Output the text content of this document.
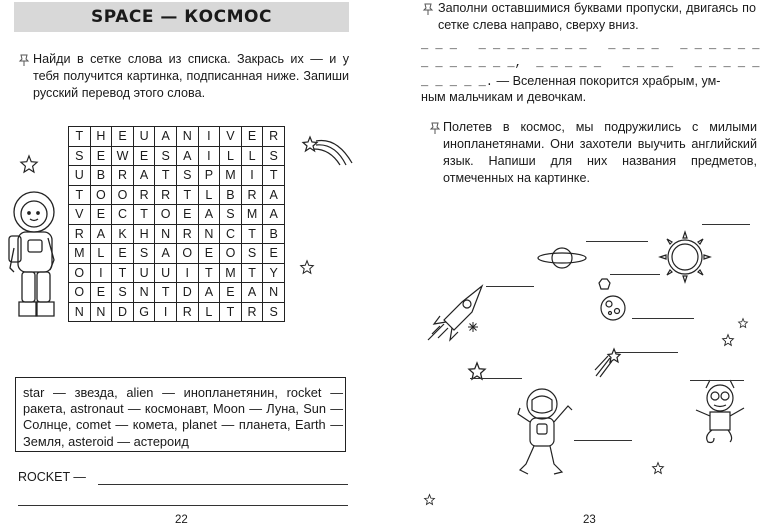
SPACE — КОСМОС
Найди в сетке слова из списка. Закрась их — и у тебя получится картинка, подписанная ниже. Запиши русский перевод этого слова.
T	H	E	U	A	N	I	V	E	R
S	E	W	E	S	A	I	L	L	S
U	B	R	A	T	S	P	M	I	T
T	O	O	R	R	T	L	B	R	A
V	E	C	T	O	E	A	S	M	A
R	A	K	H	N	R	N	C	T	B
M	L	E	S	A	O	E	O	S	E
O	I	T	U	U	I	T	M	T	Y
O	E	S	N	T	D	A	E	A	N
N	N	D	G	I	R	L	T	R	S
star — звезда, alien — инопланетянин, rocket — ракета, astronaut — космонавт, Moon — Луна, Sun — Солнце, comet — комета, planet — планета, Earth — Земля, asteroid — астероид
ROCKET —
22
Заполни оставшимися буквами пропуски, двигаясь по сетке слева направо, сверху вниз.
_ _ _   _ _ _ _ _ _ _ _   _ _ _ _   _ _ _ _ _ _
_ _ _ _ _ _ _,  _ _ _ _ _   _ _ _ _   _ _ _ _ _
_ _ _ _ _. — Вселенная покорится храбрым, ум-
ным мальчикам и девочкам.
Полетев в космос, мы подружились с милыми инопланетянами. Они захотели выучить английский язык. Напиши для них названия предметов, отмеченных на картинке.
23
